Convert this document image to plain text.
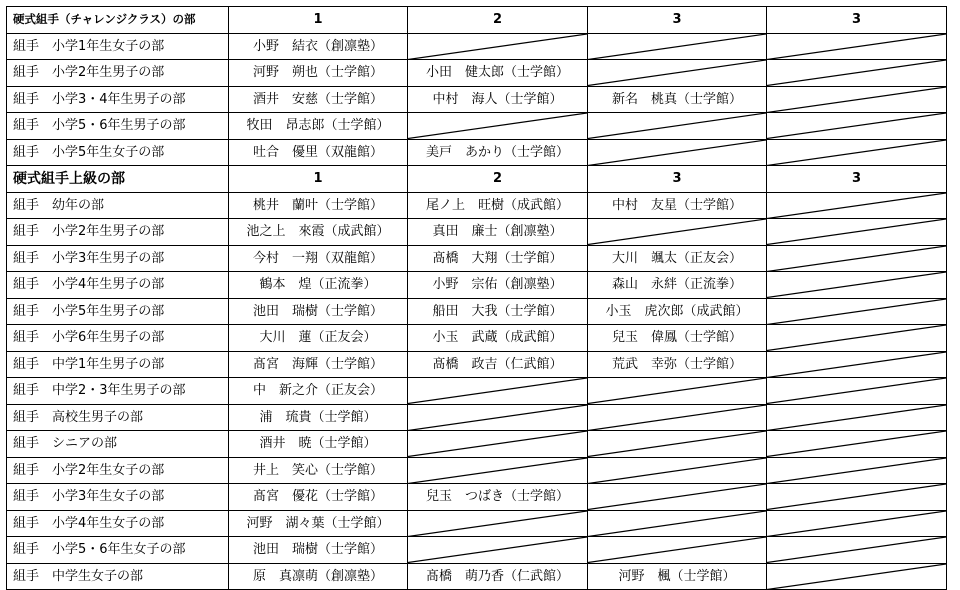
硬式組手（チャレンジクラス）の部	1	2	3	3
組手　小学1年生女子の部	小野　結衣（創凛塾）	

組手　小学2年生男子の部	河野　朔也（士学館）	小田　健太郎（士学館）	

組手　小学3・4年生男子の部	酒井　安慈（士学館）	中村　海人（士学館）	新名　桃真（士学館）	

組手　小学5・6年生男子の部	牧田　昂志郎（士学館）	

組手　小学5年生女子の部	吐合　優里（双龍館）	美戸　あかり（士学館）	

硬式組手上級の部	1	2	3	3
組手　幼年の部	桃井　蘭叶（士学館）	尾ノ上　旺樹（成武館）	中村　友星（士学館）	

組手　小学2年生男子の部	池之上　來霞（成武館）	真田　廉士（創凛塾）	

組手　小学3年生男子の部	今村　一翔（双龍館）	髙橋　大翔（士学館）	大川　颯太（正友会）	

組手　小学4年生男子の部	鶴本　煌（正流拳）	小野　宗佑（創凛塾）	森山　永絆（正流拳）	

組手　小学5年生男子の部	池田　瑞樹（士学館）	船田　大我（士学館）	小玉　虎次郎（成武館）	

組手　小学6年生男子の部	大川　蓮（正友会）	小玉　武蔵（成武館）	兒玉　偉鳳（士学館）	

組手　中学1年生男子の部	髙宮　海輝（士学館）	髙橋　政吉（仁武館）	荒武　幸弥（士学館）	

組手　中学2・3年生男子の部	中　新之介（正友会）	

組手　高校生男子の部	浦　琉貴（士学館）	

組手　シニアの部	酒井　暁（士学館）	

組手　小学2年生女子の部	井上　笑心（士学館）	

組手　小学3年生女子の部	髙宮　優花（士学館）	兒玉　つばき（士学館）	

組手　小学4年生女子の部	河野　湖々葉（士学館）	

組手　小学5・6年生女子の部	池田　瑞樹（士学館）	

組手　中学生女子の部	原　真凛萌（創凛塾）	髙橋　萌乃香（仁武館）	河野　楓（士学館）	
